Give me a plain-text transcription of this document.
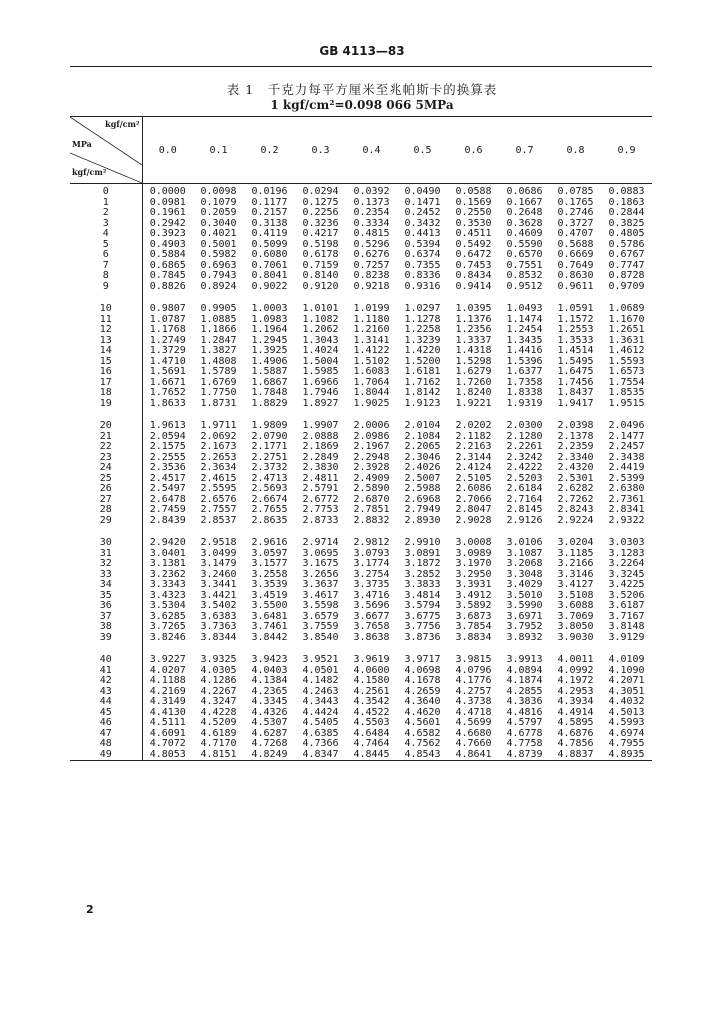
GB 4113—83
表 1　千克力每平方厘米至兆帕斯卡的换算表
1 kgf/cm²=0.098 066 5MPa
kgf/cm²
MPa
kgf/cm²	0.0	0.1	0.2	0.3	0.4	0.5	0.6	0.7	0.8	0.9
0	0.0000	0.0098	0.0196	0.0294	0.0392	0.0490	0.0588	0.0686	0.0785	0.0883
1	0.0981	0.1079	0.1177	0.1275	0.1373	0.1471	0.1569	0.1667	0.1765	0.1863
2	0.1961	0.2059	0.2157	0.2256	0.2354	0.2452	0.2550	0.2648	0.2746	0.2844
3	0.2942	0.3040	0.3138	0.3236	0.3334	0.3432	0.3530	0.3628	0.3727	0.3825
4	0.3923	0.4021	0.4119	0.4217	0.4815	0.4413	0.4511	0.4609	0.4707	0.4805
5	0.4903	0.5001	0.5099	0.5198	0.5296	0.5394	0.5492	0.5590	0.5688	0.5786
6	0.5884	0.5982	0.6080	0.6178	0.6276	0.6374	0.6472	0.6570	0.6669	0.6767
7	0.6865	0.6963	0.7061	0.7159	0.7257	0.7355	0.7453	0.7551	0.7649	0.7747
8	0.7845	0.7943	0.8041	0.8140	0.8238	0.8336	0.8434	0.8532	0.8630	0.8728
9	0.8826	0.8924	0.9022	0.9120	0.9218	0.9316	0.9414	0.9512	0.9611	0.9709

10	0.9807	0.9905	1.0003	1.0101	1.0199	1.0297	1.0395	1.0493	1.0591	1.0689
11	1.0787	1.0885	1.0983	1.1082	1.1180	1.1278	1.1376	1.1474	1.1572	1.1670
12	1.1768	1.1866	1.1964	1.2062	1.2160	1.2258	1.2356	1.2454	1.2553	1.2651
13	1.2749	1.2847	1.2945	1.3043	1.3141	1.3239	1.3337	1.3435	1.3533	1.3631
14	1.3729	1.3827	1.3925	1.4024	1.4122	1.4220	1.4318	1.4416	1.4514	1.4612
15	1.4710	1.4808	1.4906	1.5004	1.5102	1.5200	1.5298	1.5396	1.5495	1.5593
16	1.5691	1.5789	1.5887	1.5985	1.6083	1.6181	1.6279	1.6377	1.6475	1.6573
17	1.6671	1.6769	1.6867	1.6966	1.7064	1.7162	1.7260	1.7358	1.7456	1.7554
18	1.7652	1.7750	1.7848	1.7946	1.8044	1.8142	1.8240	1.8338	1.8437	1.8535
19	1.8633	1.8731	1.8829	1.8927	1.9025	1.9123	1.9221	1.9319	1.9417	1.9515

20	1.9613	1.9711	1.9809	1.9907	2.0006	2.0104	2.0202	2.0300	2.0398	2.0496
21	2.0594	2.0692	2.0790	2.0888	2.0986	2.1084	2.1182	2.1280	2.1378	2.1477
22	2.1575	2.1673	2.1771	2.1869	2.1967	2.2065	2.2163	2.2261	2.2359	2.2457
23	2.2555	2.2653	2.2751	2.2849	2.2948	2.3046	2.3144	2.3242	2.3340	2.3438
24	2.3536	2.3634	2.3732	2.3830	2.3928	2.4026	2.4124	2.4222	2.4320	2.4419
25	2.4517	2.4615	2.4713	2.4811	2.4909	2.5007	2.5105	2.5203	2.5301	2.5399
26	2.5497	2.5595	2.5693	2.5791	2.5890	2.5988	2.6086	2.6184	2.6282	2.6380
27	2.6478	2.6576	2.6674	2.6772	2.6870	2.6968	2.7066	2.7164	2.7262	2.7361
28	2.7459	2.7557	2.7655	2.7753	2.7851	2.7949	2.8047	2.8145	2.8243	2.8341
29	2.8439	2.8537	2.8635	2.8733	2.8832	2.8930	2.9028	2.9126	2.9224	2.9322

30	2.9420	2.9518	2.9616	2.9714	2.9812	2.9910	3.0008	3.0106	3.0204	3.0303
31	3.0401	3.0499	3.0597	3.0695	3.0793	3.0891	3.0989	3.1087	3.1185	3.1283
32	3.1381	3.1479	3.1577	3.1675	3.1774	3.1872	3.1970	3.2068	3.2166	3.2264
33	3.2362	3.2460	3.2558	3.2656	3.2754	3.2852	3.2950	3.3048	3.3146	3.3245
34	3.3343	3.3441	3.3539	3.3637	3.3735	3.3833	3.3931	3.4029	3.4127	3.4225
35	3.4323	3.4421	3.4519	3.4617	3.4716	3.4814	3.4912	3.5010	3.5108	3.5206
36	3.5304	3.5402	3.5500	3.5598	3.5696	3.5794	3.5892	3.5990	3.6088	3.6187
37	3.6285	3.6383	3.6481	3.6579	3.6677	3.6775	3.6873	3.6971	3.7069	3.7167
38	3.7265	3.7363	3.7461	3.7559	3.7658	3.7756	3.7854	3.7952	3.8050	3.8148
39	3.8246	3.8344	3.8442	3.8540	3.8638	3.8736	3.8834	3.8932	3.9030	3.9129

40	3.9227	3.9325	3.9423	3.9521	3.9619	3.9717	3.9815	3.9913	4.0011	4.0109
41	4.0207	4.0305	4.0403	4.0501	4.0600	4.0698	4.0796	4.0894	4.0992	4.1090
42	4.1188	4.1286	4.1384	4.1482	4.1580	4.1678	4.1776	4.1874	4.1972	4.2071
43	4.2169	4.2267	4.2365	4.2463	4.2561	4.2659	4.2757	4.2855	4.2953	4.3051
44	4.3149	4.3247	4.3345	4.3443	4.3542	4.3640	4.3738	4.3836	4.3934	4.4032
45	4.4130	4.4228	4.4326	4.4424	4.4522	4.4620	4.4718	4.4816	4.4914	4.5013
46	4.5111	4.5209	4.5307	4.5405	4.5503	4.5601	4.5699	4.5797	4.5895	4.5993
47	4.6091	4.6189	4.6287	4.6385	4.6484	4.6582	4.6680	4.6778	4.6876	4.6974
48	4.7072	4.7170	4.7268	4.7366	4.7464	4.7562	4.7660	4.7758	4.7856	4.7955
49	4.8053	4.8151	4.8249	4.8347	4.8445	4.8543	4.8641	4.8739	4.8837	4.8935
2
